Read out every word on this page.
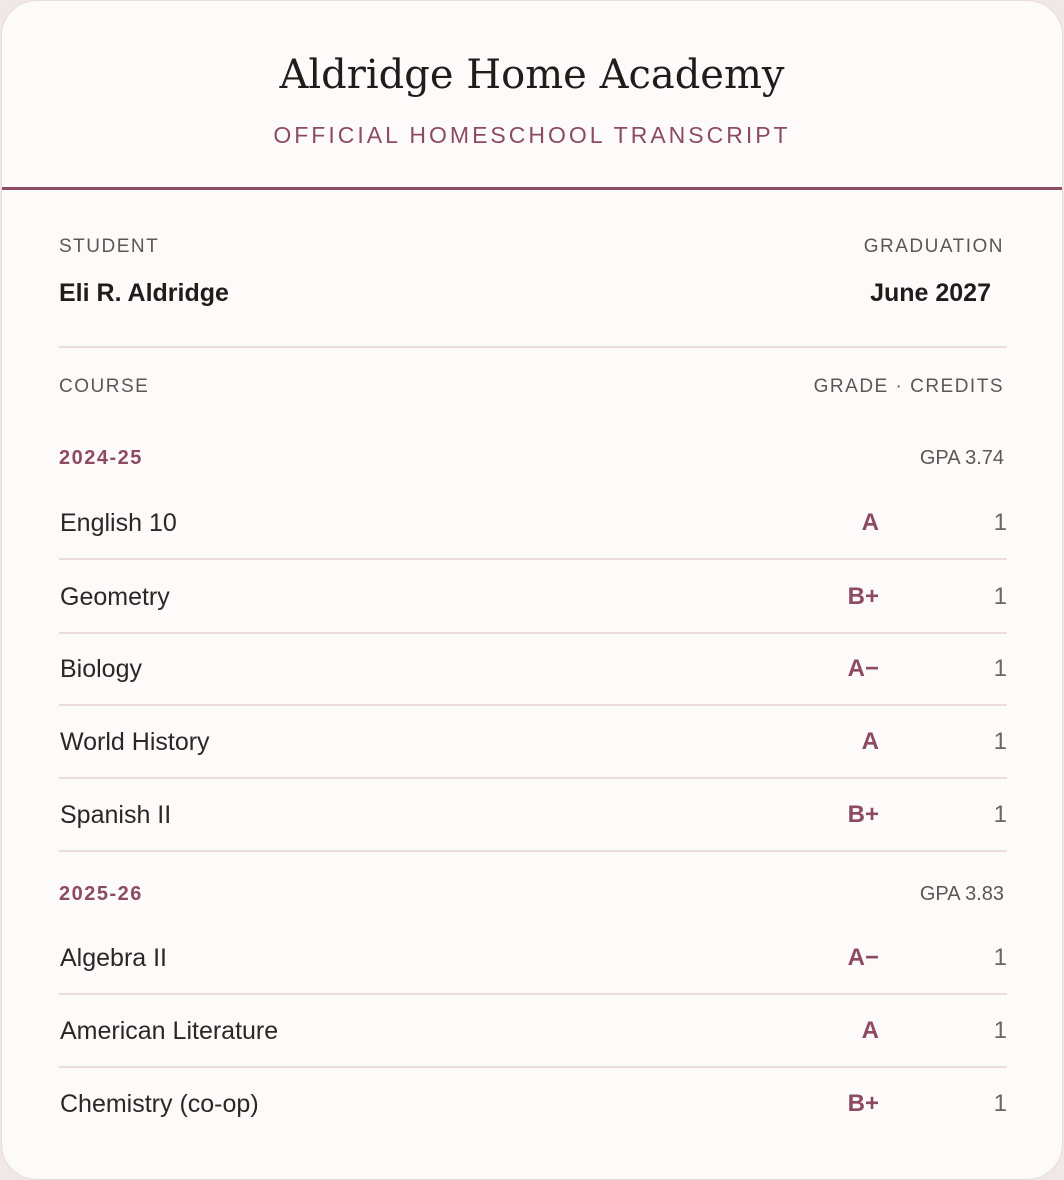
Aldridge Home Academy
OFFICIAL HOMESCHOOL TRANSCRIPT
STUDENT
Eli R. Aldridge
GRADUATION
June 2027
COURSE	GRADE · CREDITS
2024-25	GPA 3.74
English 10	A	1
Geometry	B+	1
Biology	A−	1
World History	A	1
Spanish II	B+	1
2025-26	GPA 3.83
Algebra II	A−	1
American Literature	A	1
Chemistry (co-op)	B+	1
